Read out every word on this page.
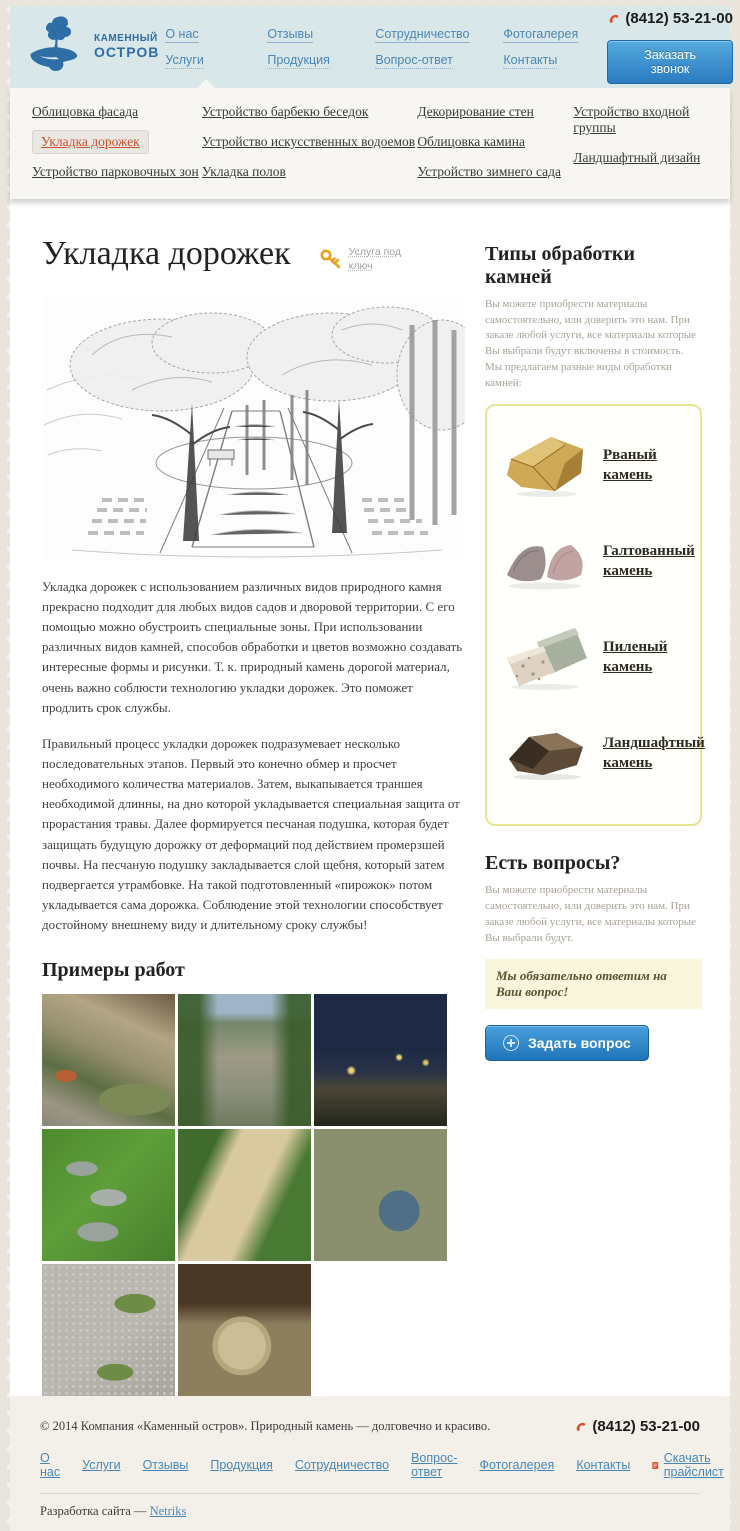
КАМЕННЫЙ
ОСТРОВ
О нас	Отзывы	Сотрудничество	Фотогалерея
Услуги	Продукция	Вопрос-ответ	Контакты
(8412) 53-21-00

Заказать звонок
Облицовка фасада
Укладка дорожек
Устройство парковочных зон
Устройство барбекю беседок
Устройство искусственных водоемов
Укладка полов
Декорирование стен
Облицовка камина
Устройство зимнего сада
Устройство входной группы
Ландшафтный дизайн
Укладка дорожек	Услуга под ключ

Укладка дорожек с использованием различных видов природного камня прекрасно подходит для любых видов садов и дворовой территории. С его помощью можно обустроить специальные зоны. При использовании различных видов камней, способов обработки и цветов возможно создавать интересные формы и рисунки. Т. к. природный камень дорогой материал, очень важно соблюсти технологию укладки дорожек. Это поможет продлить срок службы.

Правильный процесс укладки дорожек подразумевает несколько последовательных этапов. Первый это конечно обмер и просчет необходимого количества материалов. Затем, выкапывается траншея необходимой длинны, на дно которой укладывается специальная защита от прорастания травы. Далее формируется песчаная подушка, которая будет защищать будущую дорожку от деформаций под действием промерзшей почвы. На песчаную подушку закладывается слой щебня, который затем подвергается утрамбовке. На такой подготовленный «пирожок» потом укладывается сама дорожка. Соблюдение этой технологии способствует достойному внешнему виду и длительному сроку службы!

Примеры работ
Типы обработки камней

Вы можете приобрести материалы самостоятельно, или доверить это нам. При заказе любой услуги, все материалы которые Вы выбрали будут включены в стоимость. Мы предлагаем разные виды обработки камней:

Рваный камень
Галтованный камень
Пиленый камень
Ландшафтный камень
Есть вопросы?

Вы можете приобрести материалы самостоятельно, или доверить это нам. При заказе любой услуги, все материалы которые Вы выбрали будут.

Мы обязательно ответим на Ваш вопрос!
Задать вопрос
© 2014 Компания «Каменный остров». Природный камень — долговечно и красиво.	(8412) 53-21-00
О нас Услуги Отзывы Продукция Сотрудничество Вопрос-ответ	Фотогалерея Контакты	Скачать прайслист
Разработка сайта — Netriks
